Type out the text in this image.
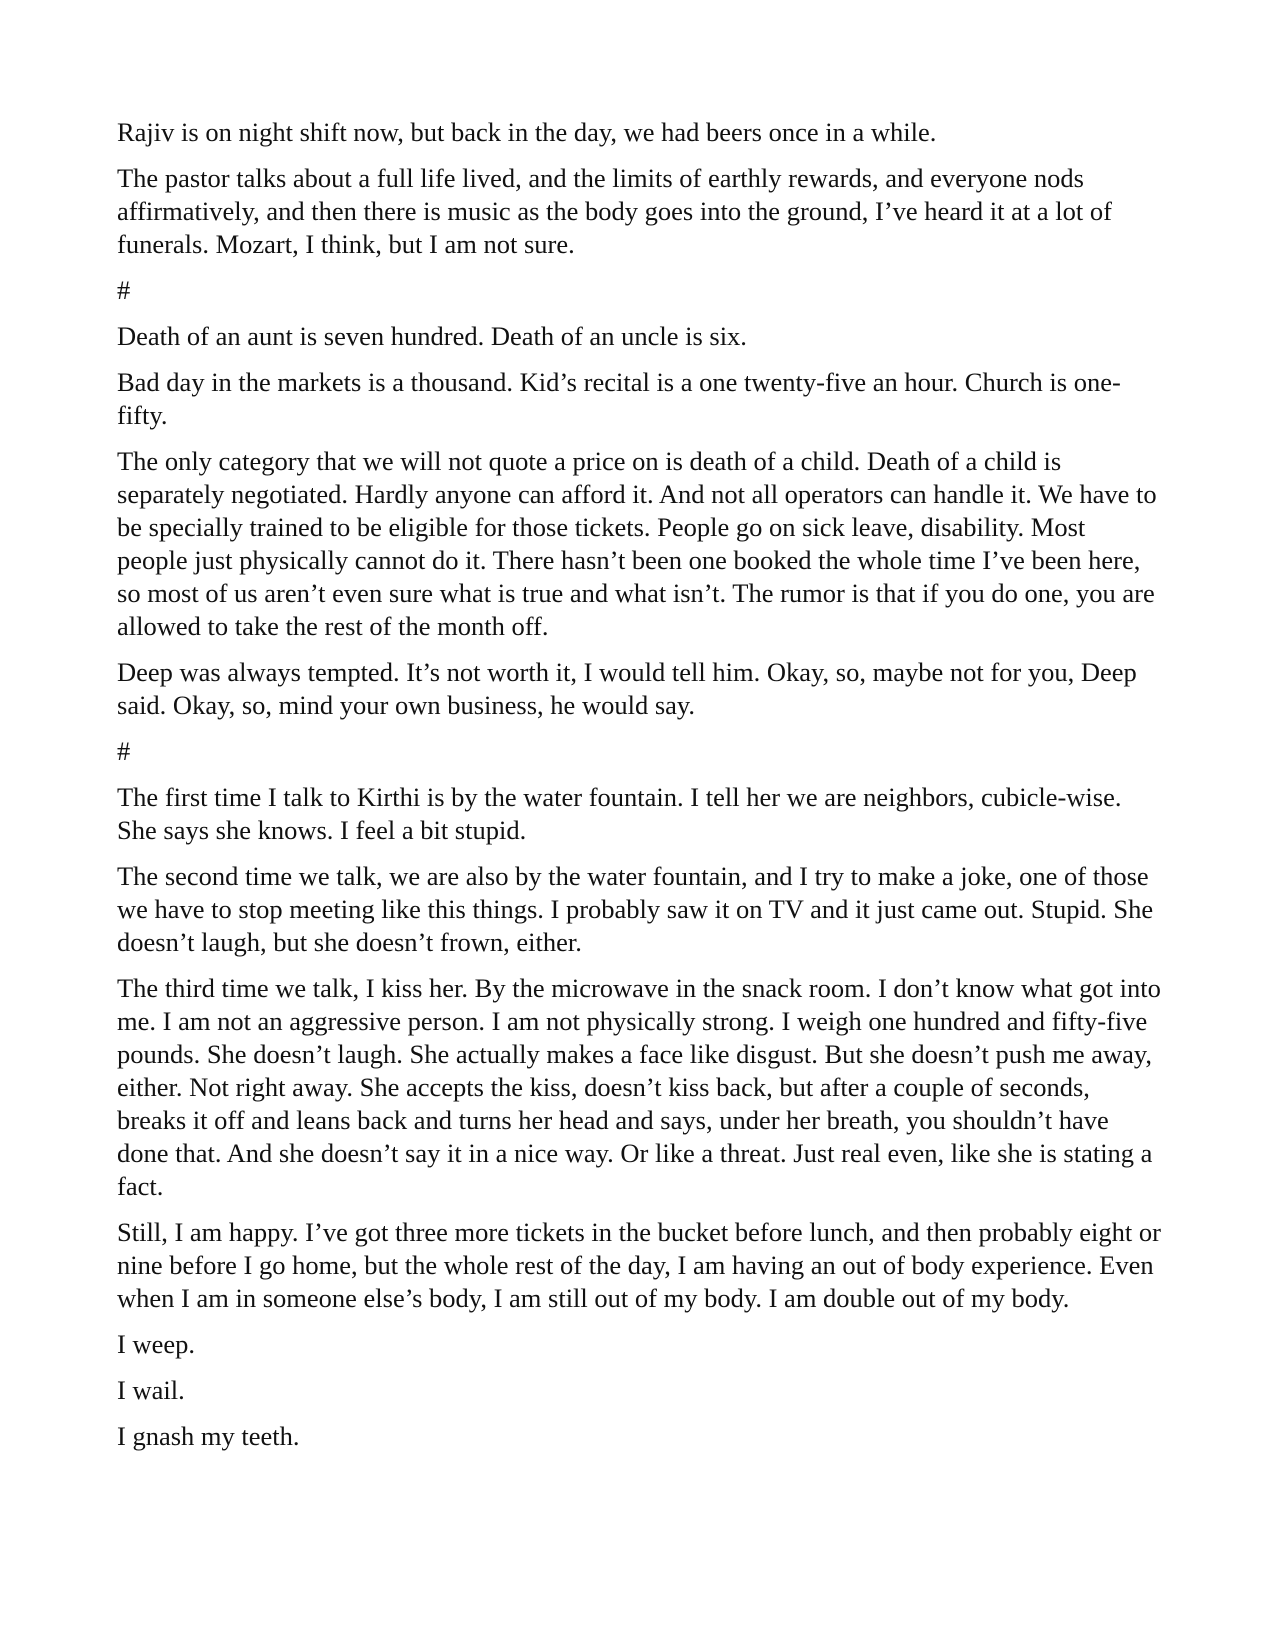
Rajiv is on night shift now, but back in the day, we had beers once in a while.

The pastor talks about a full life lived, and the limits of earthly rewards, and everyone nods affirmatively, and then there is music as the body goes into the ground, I’ve heard it at a lot of funerals. Mozart, I think, but I am not sure.

#

Death of an aunt is seven hundred. Death of an uncle is six.

Bad day in the markets is a thousand. Kid’s recital is a one twenty-five an hour. Church is one-fifty.

The only category that we will not quote a price on is death of a child. Death of a child is separately negotiated. Hardly anyone can afford it. And not all operators can handle it. We have to be specially trained to be eligible for those tickets. People go on sick leave, disability. Most people just physically cannot do it. There hasn’t been one booked the whole time I’ve been here, so most of us aren’t even sure what is true and what isn’t. The rumor is that if you do one, you are allowed to take the rest of the month off.

Deep was always tempted. It’s not worth it, I would tell him. Okay, so, maybe not for you, Deep said. Okay, so, mind your own business, he would say.

#

The first time I talk to Kirthi is by the water fountain. I tell her we are neighbors, cubicle-wise. She says she knows. I feel a bit stupid.

The second time we talk, we are also by the water fountain, and I try to make a joke, one of those we have to stop meeting like this things. I probably saw it on TV and it just came out. Stupid. She doesn’t laugh, but she doesn’t frown, either.

The third time we talk, I kiss her. By the microwave in the snack room. I don’t know what got into me. I am not an aggressive person. I am not physically strong. I weigh one hundred and fifty-five pounds. She doesn’t laugh. She actually makes a face like disgust. But she doesn’t push me away, either. Not right away. She accepts the kiss, doesn’t kiss back, but after a couple of seconds, breaks it off and leans back and turns her head and says, under her breath, you shouldn’t have done that. And she doesn’t say it in a nice way. Or like a threat. Just real even, like she is stating a fact.

Still, I am happy. I’ve got three more tickets in the bucket before lunch, and then probably eight or nine before I go home, but the whole rest of the day, I am having an out of body experience. Even when I am in someone else’s body, I am still out of my body. I am double out of my body.

I weep.

I wail.

I gnash my teeth.
